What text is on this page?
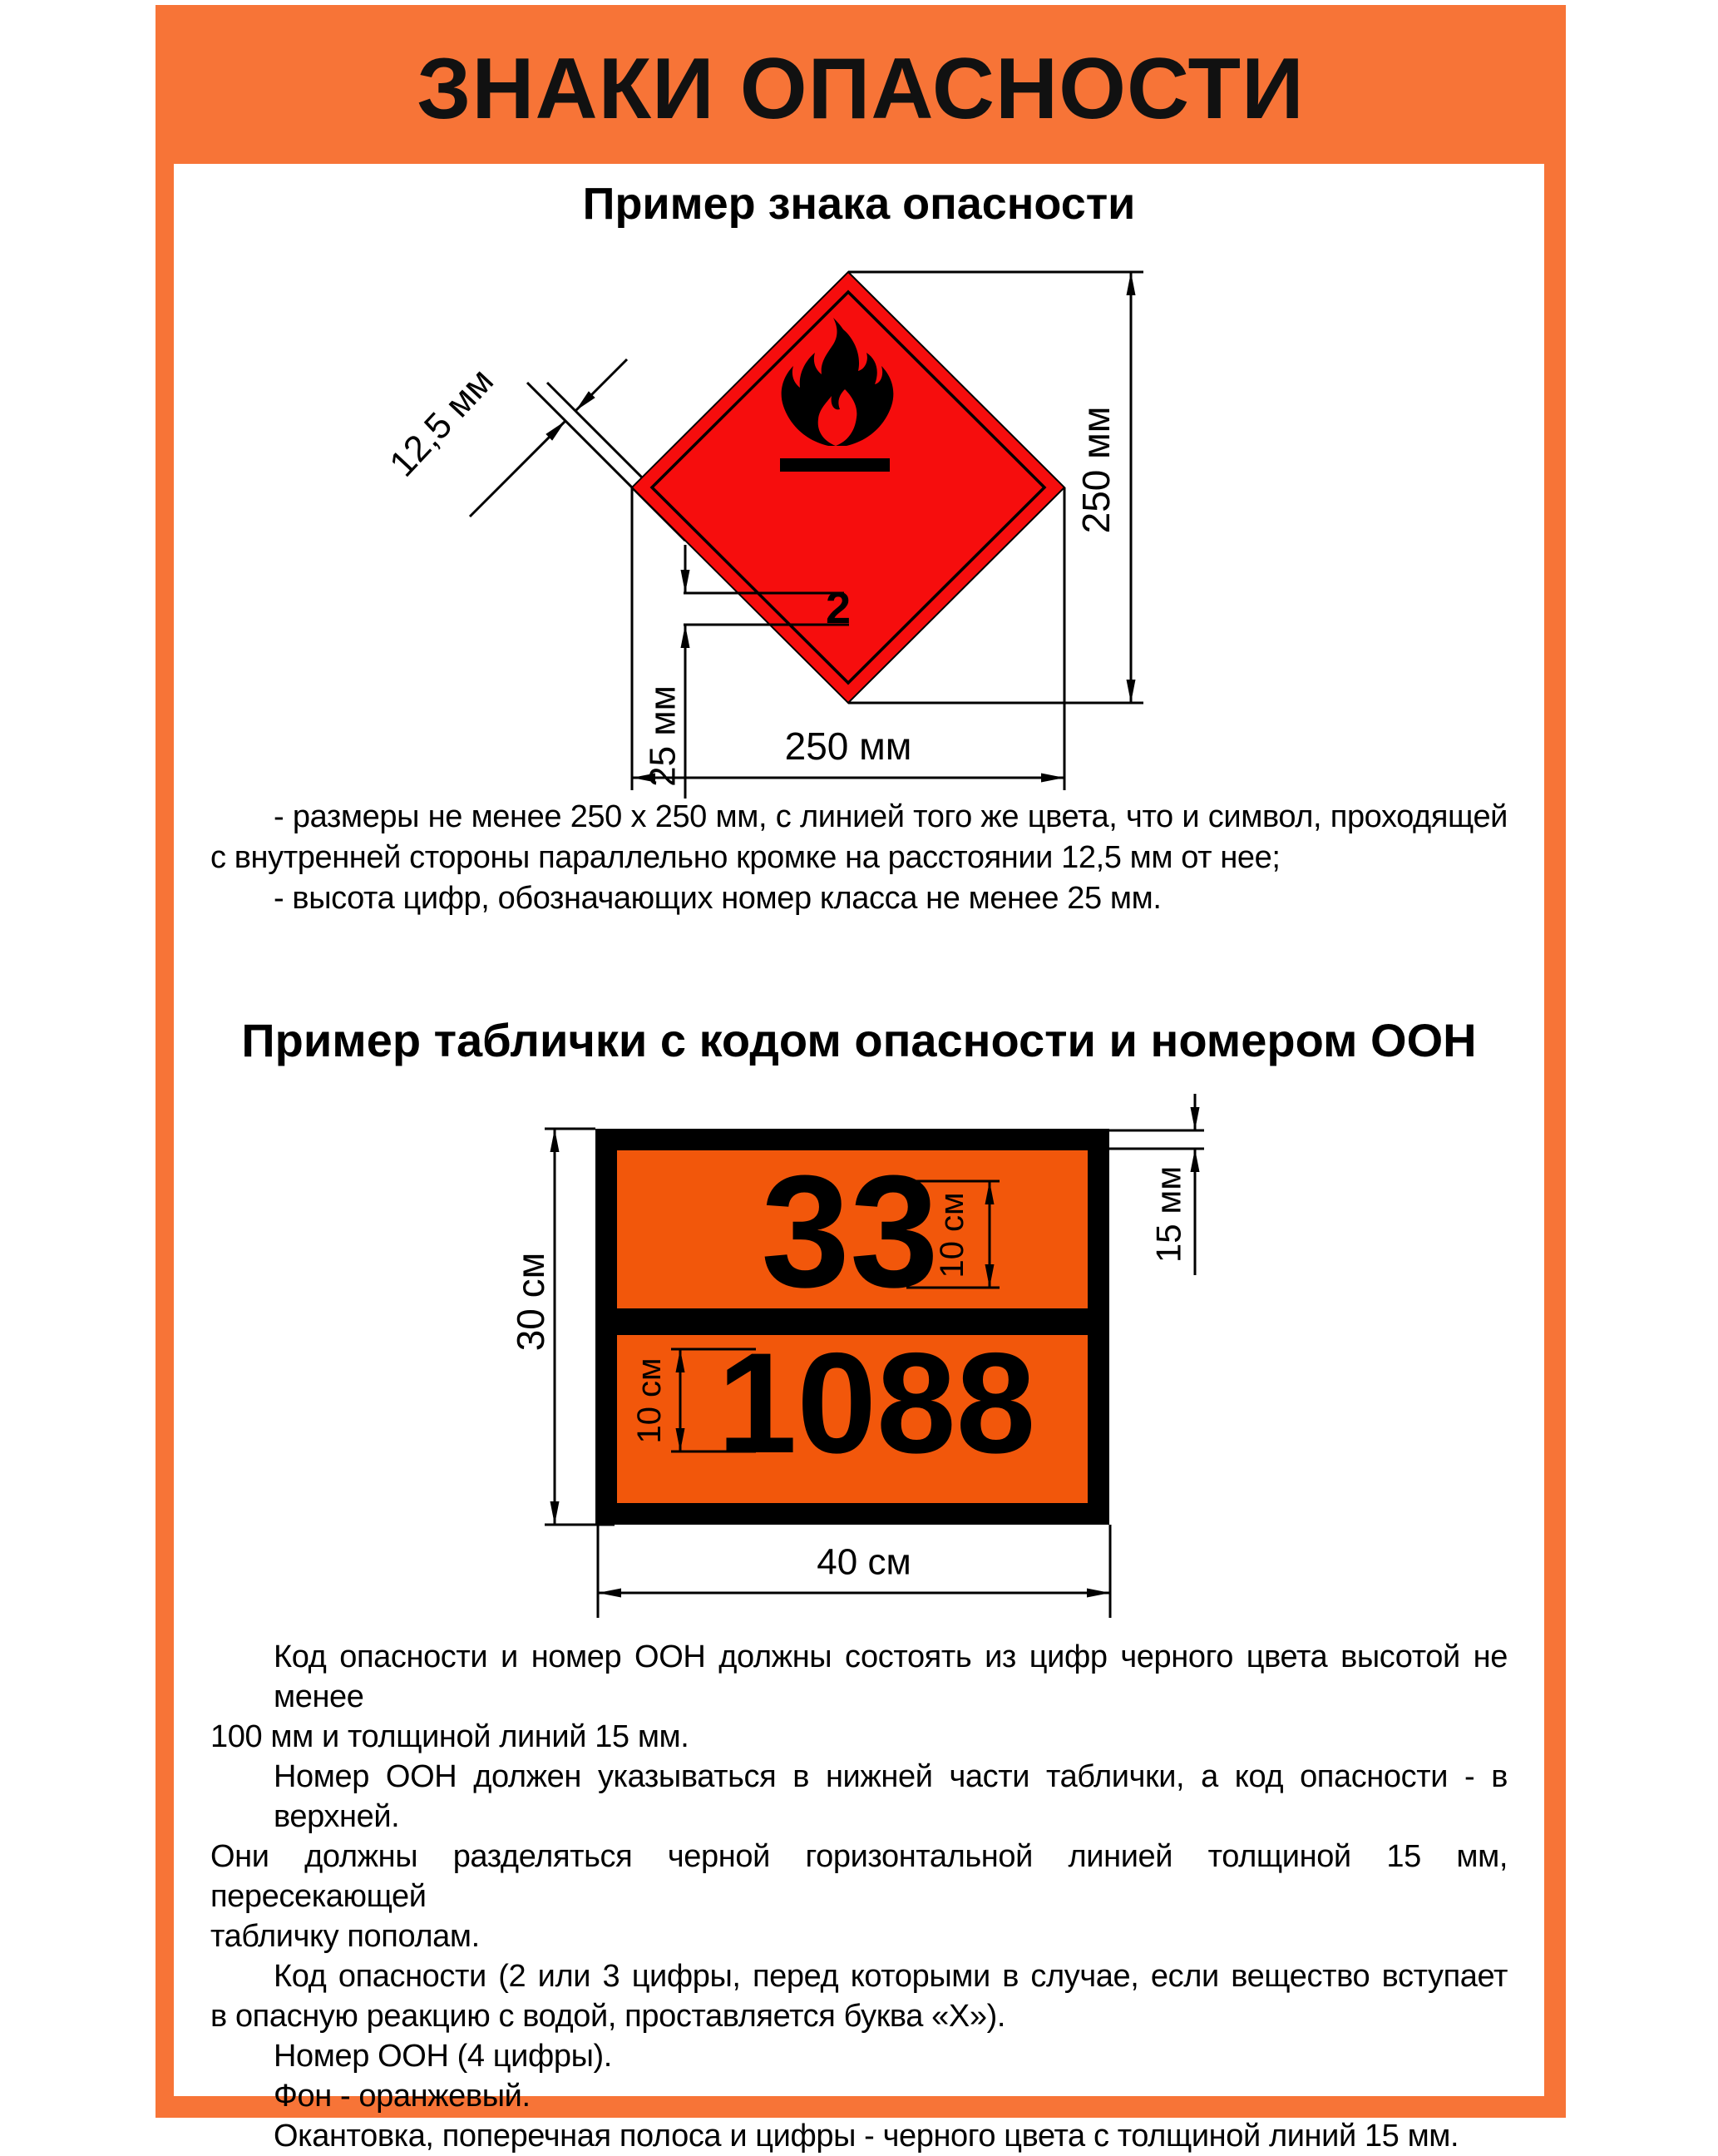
ЗНАКИ ОПАСНОСТИ
Пример знака опасности
2
12,5 мм	250 мм
250 мм
25 мм
- размеры не менее 250 х 250 мм, с линией того же цвета, что и символ, проходящей
с внутренней стороны параллельно кромке на расстоянии 12,5 мм от нее;
- высота цифр, обозначающих номер класса не менее 25 мм.
Пример таблички с кодом опасности и номером ООН
33
1088
10 см
10 см
15 мм
30 см
40 см
Код опасности и номер ООН должны состоять из цифр черного цвета высотой не менее
100 мм и толщиной линий 15 мм.
Номер ООН должен указываться в нижней части таблички, а код опасности - в верхней.
Они должны разделяться черной горизонтальной линией толщиной 15 мм, пересекающей
табличку пополам.
Код опасности (2 или 3 цифры, перед которыми в случае, если вещество вступает
в опасную реакцию с водой, проставляется буква «Х»).
Номер ООН (4 цифры).
Фон - оранжевый.
Окантовка, поперечная полоса и цифры - черного цвета с толщиной линий 15 мм.
